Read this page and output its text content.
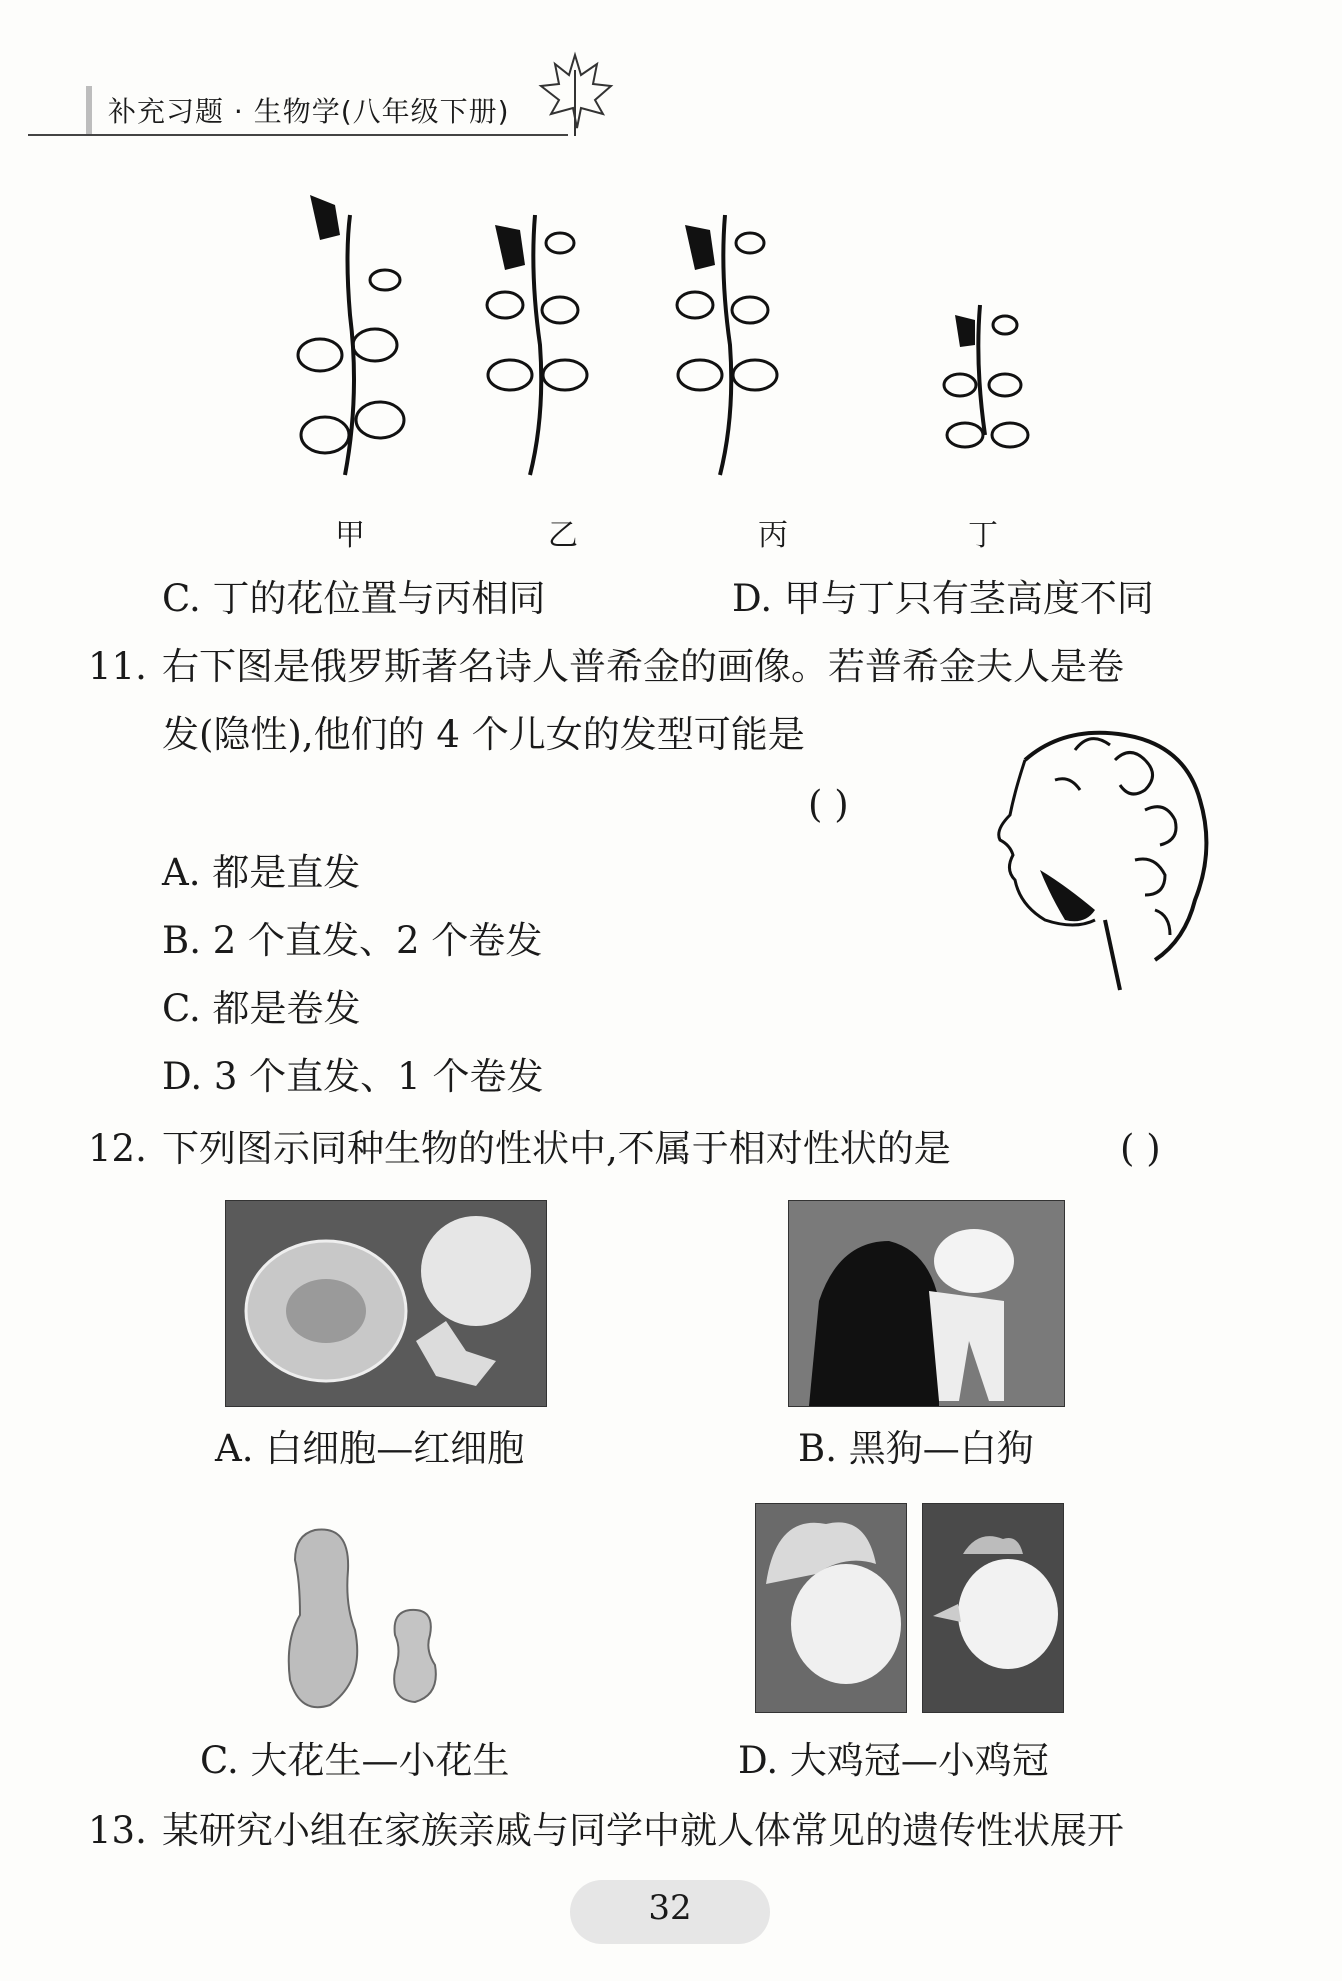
补充习题 · 生物学(八年级下册)
甲	乙	丙	丁
C. 丁的花位置与丙相同	D. 甲与丁只有茎高度不同
11. 右下图是俄罗斯著名诗人普希金的画像。若普希金夫人是卷
发(隐性),他们的 4 个儿女的发型可能是
( )
A. 都是直发
B. 2 个直发、2 个卷发
C. 都是卷发
D. 3 个直发、1 个卷发
12. 下列图示同种生物的性状中,不属于相对性状的是	( )
A. 白细胞—红细胞	B. 黑狗—白狗
C. 大花生—小花生	D. 大鸡冠—小鸡冠
13. 某研究小组在家族亲戚与同学中就人体常见的遗传性状展开
32
